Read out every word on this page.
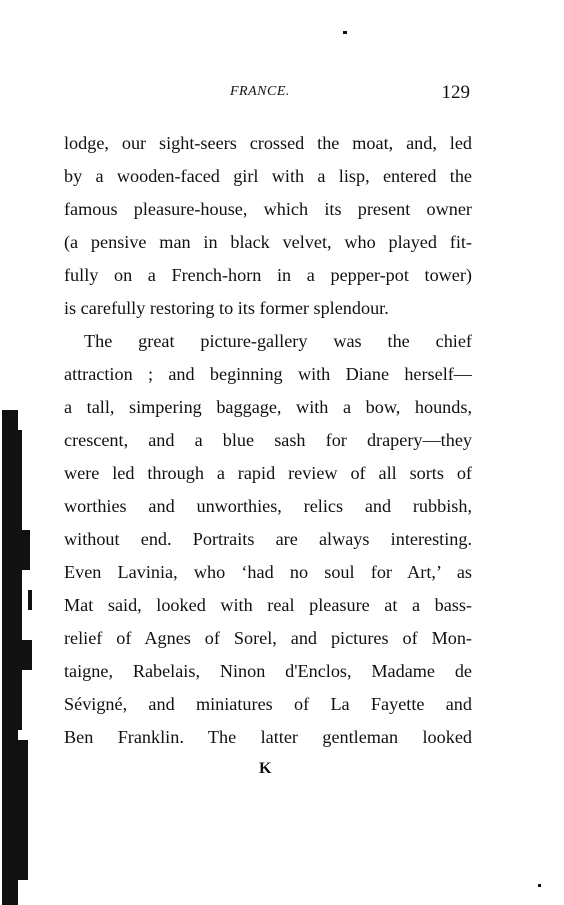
FRANCE.	129
lodge, our sight-seers crossed the moat, and, led
by a wooden-faced girl with a lisp, entered the
famous pleasure-house, which its present owner
(a pensive man in black velvet, who played fit-
fully on a French-horn in a pepper-pot tower)
is carefully restoring to its former splendour.
The great picture-gallery was the chief
attraction ; and beginning with Diane herself—
a tall, simpering baggage, with a bow, hounds,
crescent, and a blue sash for drapery—they
were led through a rapid review of all sorts of
worthies and unworthies, relics and rubbish,
without end. Portraits are always interesting.
Even Lavinia, who ‘had no soul for Art,’ as
Mat said, looked with real pleasure at a bass-
relief of Agnes of Sorel, and pictures of Mon-
taigne, Rabelais, Ninon d'Enclos, Madame de
Sévigné, and miniatures of La Fayette and
Ben Franklin. The latter gentleman looked
K
